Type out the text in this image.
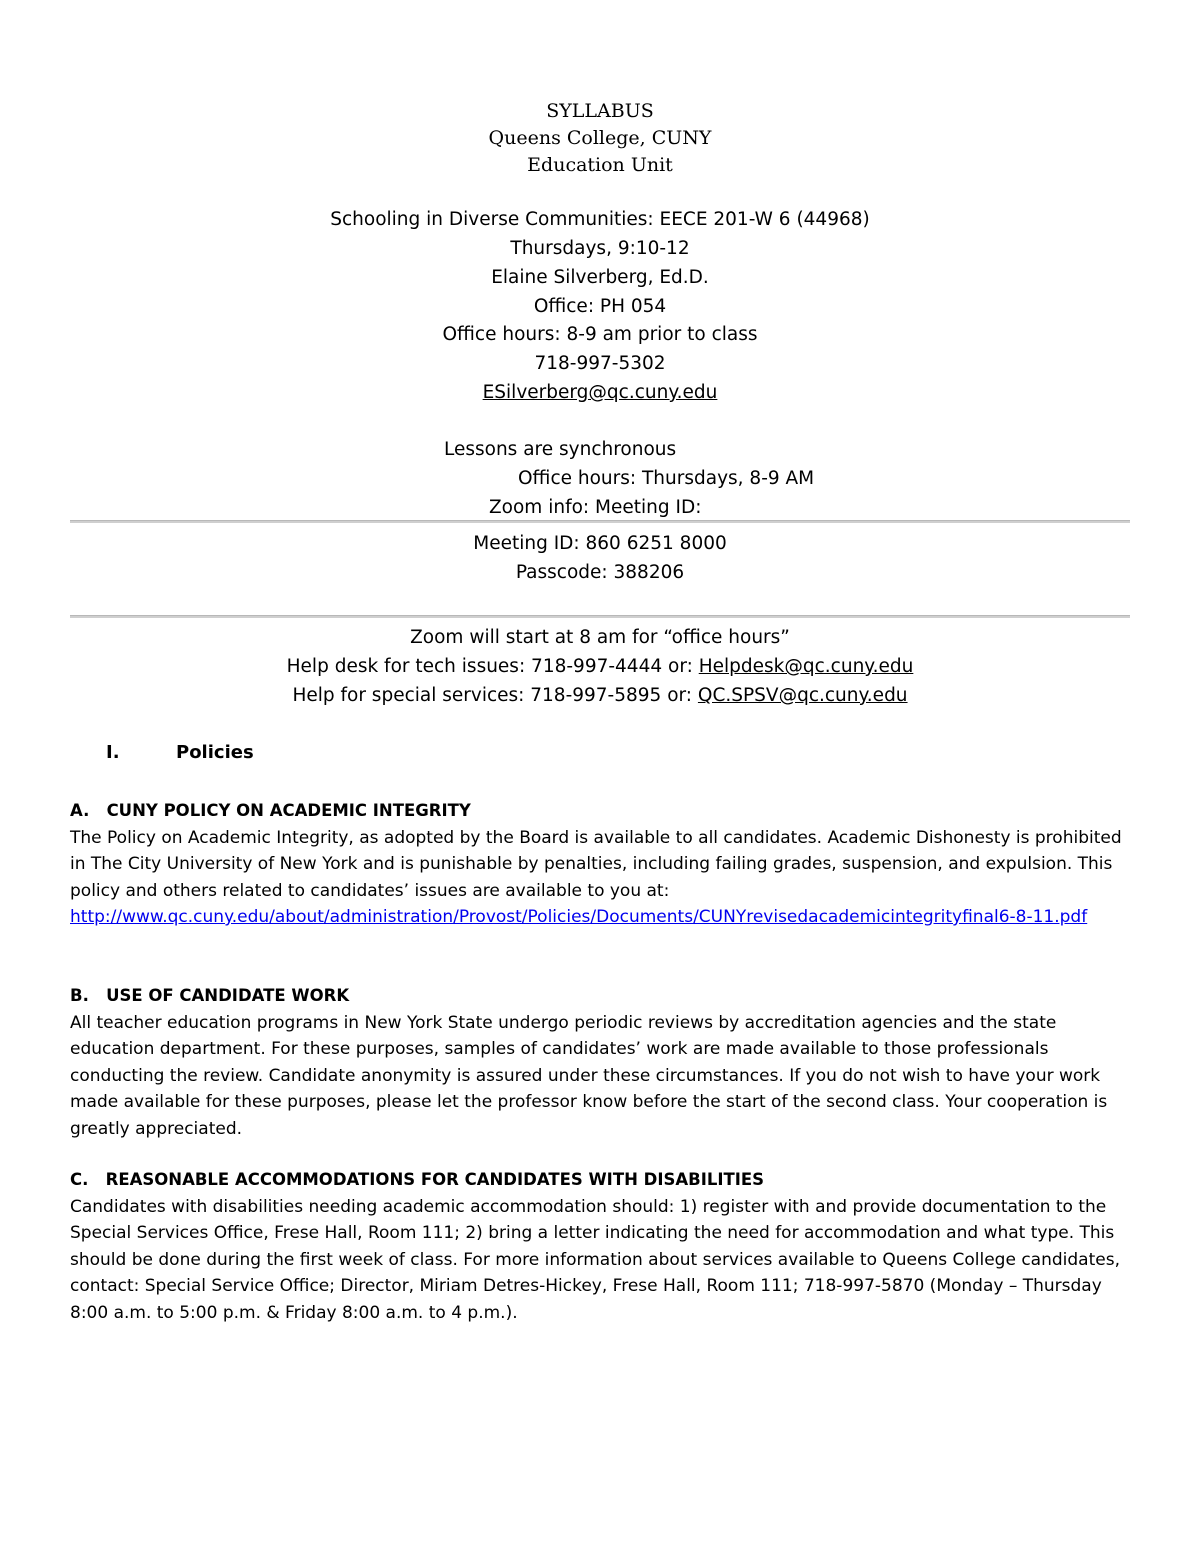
SYLLABUS
Queens College, CUNY
Education Unit
Schooling in Diverse Communities: EECE 201-W 6 (44968)
Thursdays, 9:10-12
Elaine Silverberg, Ed.D.
Office: PH 054
Office hours: 8-9 am prior to class
718-997-5302
ESilverberg@qc.cuny.edu
Lessons are synchronous
Office hours: Thursdays, 8-9 AM
Zoom info: Meeting ID:
Meeting ID: 860 6251 8000
Passcode: 388206
Zoom will start at 8 am for “office hours”
Help desk for tech issues: 718-997-4444 or: Helpdesk@qc.cuny.edu
Help for special services: 718-997-5895 or: QC.SPSV@qc.cuny.edu
I.	Policies

A.   CUNY POLICY ON ACADEMIC INTEGRITY

The Policy on Academic Integrity, as adopted by the Board is available to all candidates. Academic Dishonesty is prohibited in The City University of New York and is punishable by penalties, including failing grades, suspension, and expulsion. This policy and others related to candidates’ issues are available to you at:

http://www.qc.cuny.edu/about/administration/Provost/Policies/Documents/CUNYrevisedacademicintegrityfinal6-8-11.pdf

B.   USE OF CANDIDATE WORK

All teacher education programs in New York State undergo periodic reviews by accreditation agencies and the state education department. For these purposes, samples of candidates’ work are made available to those professionals conducting the review. Candidate anonymity is assured under these circumstances. If you do not wish to have your work made available for these purposes, please let the professor know before the start of the second class. Your cooperation is greatly appreciated.

C.   REASONABLE ACCOMMODATIONS FOR CANDIDATES WITH DISABILITIES

Candidates with disabilities needing academic accommodation should: 1) register with and provide documentation to the Special Services Office, Frese Hall, Room 111; 2) bring a letter indicating the need for accommodation and what type. This should be done during the first week of class. For more information about services available to Queens College candidates, contact: Special Service Office; Director, Miriam Detres-Hickey, Frese Hall, Room 111; 718-997-5870 (Monday – Thursday 8:00 a.m. to 5:00 p.m. & Friday 8:00 a.m. to 4 p.m.).
